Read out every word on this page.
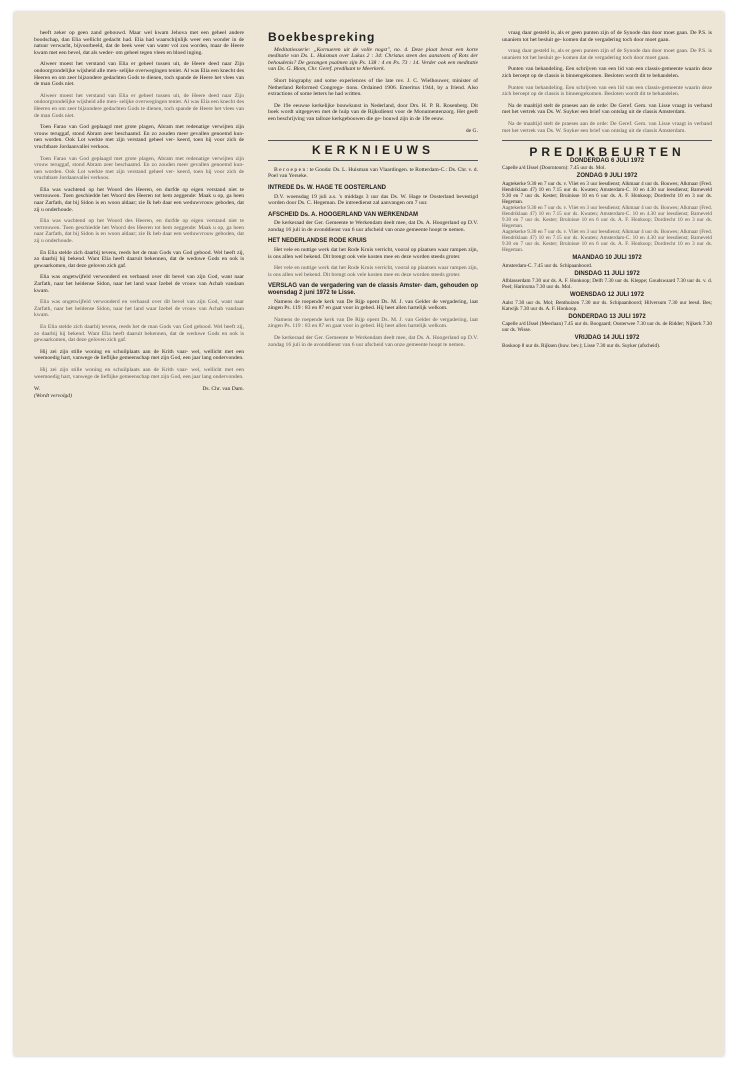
heeft zeker op geen zand gebouwd. Maar wel kwam Jehova met een geheel andere boodschap, dan Elia wellicht gedacht had. Elia had waarschijnlijk weer een wonder in de natuur verwacht, bijvoorbeeld, dat de beek weer van water vol zou worden, maar de Heere kwam met een bevel, dat als weder- om geheel tegen vlees en bloed inging.

Alweer moest het verstand van Elia er geheel tussen uit, de Heere deed naar Zijn ondoorgrondelijke wijsheid alle men- selijke overwegingen teniet. Al was Elia een knecht des Heeren en om zeer bijzondere gedachten Gods te dienen, toch spande de Heere het vlees van de man Gods niet.

Alweer moest het verstand van Elia er geheel tussen uit, de Heere deed naar Zijn ondoorgrondelijke wijsheid alle men- selijke overwegingen teniet. Al was Elia een knecht des Heeren en om zeer bijzondere gedachten Gods te dienen, toch spande de Heere het vlees van de man Gods niet.

Toen Farao van God geplaagd met grote plagen, Abram met redenatige verwijten zijn vrouw teruggaf, stond Abram zeer beschaamd. En zo zouden meer gevallen genoemd kun- nen worden. Ook Lot werkte met zijn verstand geheel ver- keerd, toen hij voor zich de vruchtbare Jordaanvallei verkoos.

Toen Farao van God geplaagd met grote plagen, Abram met redenatige verwijten zijn vrouw teruggaf, stond Abram zeer beschaamd. En zo zouden meer gevallen genoemd kun- nen worden. Ook Lot werkte met zijn verstand geheel ver- keerd, toen hij voor zich de vruchtbare Jordaanvallei verkoos.

Elia was wachtend op het Woord des Heeren, en durfde op eigen verstand niet te vertrouwen. Toen geschiedde het Woord des Heeren tot hem zeggende: Maak u op, ga heen naar Zarfath, dat bij Sidon is en woon aldaar; zie Ik heb daar een weduwvrouw geboden, dat zij u onderhoude.

Elia was wachtend op het Woord des Heeren, en durfde op eigen verstand niet te vertrouwen. Toen geschiedde het Woord des Heeren tot hem zeggende: Maak u op, ga heen naar Zarfath, dat bij Sidon is en woon aldaar; zie Ik heb daar een weduwvrouw geboden, dat zij u onderhoude.

En Elia stelde zich daarbij tevens, reeds het de man Gods van God gebood. Wel heeft zij, zo daarbij hij bekend. Want Elia heeft daaruit bekennen, dat de weduwe Gods en ook is gewaarkomen, dat deze geloven zich gaf.

Elia was ongetwijfeld verwonderd en verbaasd over dit bevel van zijn God, want naar Zarfath, naar het heidense Sidon, naar het land waar Izebel de vrouw van Achab vandaan kwam.

Elia was ongetwijfeld verwonderd en verbaasd over dit bevel van zijn God, want naar Zarfath, naar het heidense Sidon, naar het land waar Izebel de vrouw van Achab vandaan kwam.

En Elia stelde zich daarbij tevens, reeds het de man Gods van God gebood. Wel heeft zij, zo daarbij hij bekend. Want Elia heeft daaruit bekennen, dat de weduwe Gods en ook is gewaarkomen, dat deze geloven zich gaf.

Hij zei zijn stille woning en schuilplaats aan de Krith vaar- wel, wellicht met een weemoedig hart, vanwege de lieflijke gemeenschap met zijn God, een jaar lang ondervonden.

Hij zei zijn stille woning en schuilplaats aan de Krith vaar- wel, wellicht met een weemoedig hart, vanwege de lieflijke gemeenschap met zijn God, een jaar lang ondervonden.

W.	Ds. Chr. van Dam.
(Wordt vervolgd)
Boekbespreking

Meditatiesserie: „Kornueren uit de volle nogst", no. 4. Deze plaat bevat een korte meditatie van Ds. L. Huisman over Lukas 2 : 34: Christus steen des aanstoots of Rots der behoudenis? De gezongen psalmen zijn Ps. 138 : 4 en Ps. 73 : 14. Verder ook een meditatie van Ds. G. Blom, Chr. Geref. predikant te Meerkerk.

Short biography and some experiences of the late rev. J. C. Wielhouwer, minister of Netherland Reformed Congrega- tions. Ordained 1906. Emeritus 1944, by a friend. Also extractions of some letters he had written.

De 19e eeuwse kerkelijke bouwkunst in Nederland, door Drs. H. P. R. Rosenberg. Dit boek wordt uitgegeven met de hulp van de Rijksdienst voor de Monumentenzorg. Het geeft een beschrijving van talloze kerkgebouwen die ge- bouwd zijn in de 19e eeuw.

de G.
KERKNIEUWS

B e r o e p e n : te Gouda: Ds. L. Huisman van Vlaardingen. te Rotterdam-C.: Ds. Chr. v. d. Poel van Yerseke.

INTREDE Ds. W. HAGE TE OOSTERLAND

D.V. woensdag 19 juli a.s. 's middags 3 uur das Ds. W. Hage te Oosterland bevestigd worden door Ds. C. Hegeman. De intreedienst zal aanvangen om 7 uur.

AFSCHEID Ds. A. HOOGERLAND VAN WERKENDAM

De kerkeraad der Ger. Gemeente te Werkendam deelt mee, dat Ds. A. Hoogerland op D.V. zondag 16 juli in de avonddienst van 6 uur afscheid van onze gemeente hoopt te nemen.

HET NEDERLANDSE RODE KRUIS

Het vele en nuttige werk dat het Rode Kruis verricht, vooral op plaatsen waar rampen zijn, is ons allen wel bekend. Dit brengt ook vele kosten mee en deze worden steeds groter.

Het vele en nuttige werk dat het Rode Kruis verricht, vooral op plaatsen waar rampen zijn, is ons allen wel bekend. Dit brengt ook vele kosten mee en deze worden steeds groter.

VERSLAG van de vergadering van de classis Amster- dam, gehouden op woensdag 2 juni 1972 te Lisse.

Namens de roepende kerk van De Rijp opent Ds. M. J. van Gelder de vergadering, laat zingen Ps. 119 : 83 en 87 en gaat voor in gebed. Hij heet allen hartelijk welkom.

Namens de roepende kerk van De Rijp opent Ds. M. J. van Gelder de vergadering, laat zingen Ps. 119 : 83 en 87 en gaat voor in gebed. Hij heet allen hartelijk welkom.

De kerkeraad der Ger. Gemeente te Werkendam deelt mee, dat Ds. A. Hoogerland op D.V. zondag 16 juli in de avonddienst van 6 uur afscheid van onze gemeente hoopt te nemen.

vraag daar gesteld is, als er geen punten zijn of de Synode dan door moet gaan. De P.S. is unaniem tot het besluit ge- komen dat de vergadering toch door moet gaan.

vraag daar gesteld is, als er geen punten zijn of de Synode dan door moet gaan. De P.S. is unaniem tot het besluit ge- komen dat de vergadering toch door moet gaan.

Punten van behandeling. Een schrijven van een lid van een classis-gemeente waarin deze zich beroept op de classis is binnengekomen. Besloten wordt dit te behandelen.

Punten van behandeling. Een schrijven van een lid van een classis-gemeente waarin deze zich beroept op de classis is binnengekomen. Besloten wordt dit te behandelen.

Na de maaltijd stelt de praeses aan de orde: De Geref. Gem. van Lisse vraagt in verband met het vertrek van Ds. W. Suyker een brief van ontslag uit de classis Amsterdam.

Na de maaltijd stelt de praeses aan de orde: De Geref. Gem. van Lisse vraagt in verband met het vertrek van Ds. W. Suyker een brief van ontslag uit de classis Amsterdam.

PREDIKBEURTEN
DONDERDAG 6 JULI 1972
Capelle a/d IJssel (Doorntoorn): 7.45 uur ds. Mol.
ZONDAG 9 JULI 1972
Aagtekerke 9.30 en 7 uur ds. v. Vliet en 3 uur leesdienst; Alkmaar 4 uur ds. Bouwes; Alkmaar (Fred. Hendriklaan 47) 10 en 7.15 uur ds. Kwaten; Amsterdam-C. 10 en 4.30 uur leesdienst; Barneveld 9.30 en 7 uur ds. Kester; Bruinisse 10 en 6 uur ds. A. F. Honkoop; Dordrecht 10 en 3 uur ds. Hegeman.
Aagtekerke 9.30 en 7 uur ds. v. Vliet en 3 uur leesdienst; Alkmaar 4 uur ds. Bouwes; Alkmaar (Fred. Hendriklaan 47) 10 en 7.15 uur ds. Kwaten; Amsterdam-C. 10 en 4.30 uur leesdienst; Barneveld 9.30 en 7 uur ds. Kester; Bruinisse 10 en 6 uur ds. A. F. Honkoop; Dordrecht 10 en 3 uur ds. Hegeman.
Aagtekerke 9.30 en 7 uur ds. v. Vliet en 3 uur leesdienst; Alkmaar 4 uur ds. Bouwes; Alkmaar (Fred. Hendriklaan 47) 10 en 7.15 uur ds. Kwaten; Amsterdam-C. 10 en 4.30 uur leesdienst; Barneveld 9.30 en 7 uur ds. Kester; Bruinisse 10 en 6 uur ds. A. F. Honkoop; Dordrecht 10 en 3 uur ds. Hegeman.
MAANDAG 10 JULI 1972
Amsterdam-C. 7.45 uur ds. Schipaanboord.
DINSDAG 11 JULI 1972
Alblasserdam 7.30 uur ds. A. F. Honkoop; Delft 7.30 uur ds. Kleppe; Goudswaard 7.30 uur ds. v. d. Poel; Harinxma 7.30 uur ds. Mol.
WOENSDAG 12 JULI 1972
Aalst 7.30 uur ds. Mol; Benthuizen 7.30 uur ds. Schipaanboord; Hilversum 7.30 uur leesd. Bes; Katwijk 7.30 uur ds. A. F. Honkoop.
DONDERDAG 13 JULI 1972
Capelle a/d IJssel (Meerlaan) 7.45 uur ds. Boogaard; Oosterwee 7.30 uur ds. de Ridder; Nijkerk 7.30 uur ds. Wisse.
VRIJDAG 14 JULI 1972
Boskoop 8 uur ds. Rijksen (huw. bev.); Lisse 7.30 uur ds. Suyker (afscheid).
